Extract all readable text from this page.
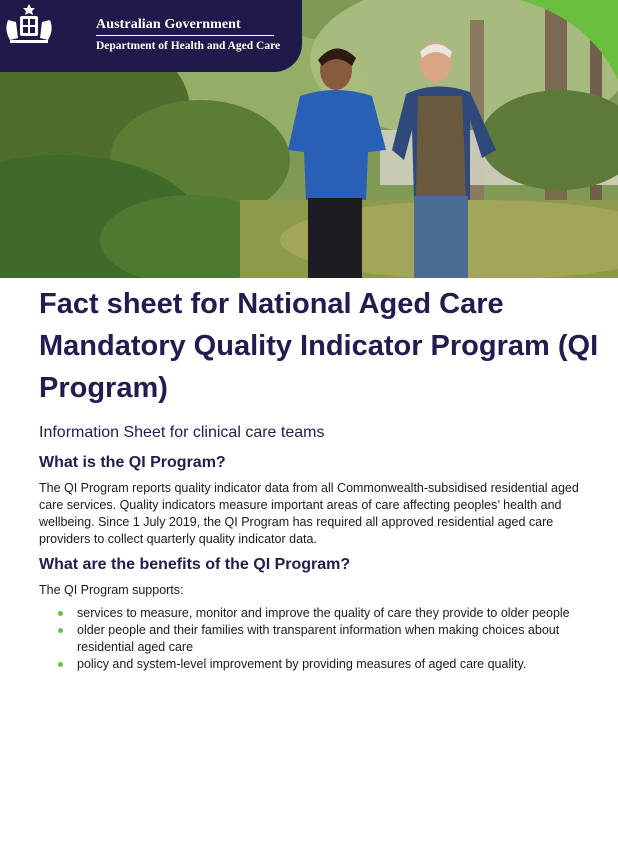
Australian Government
Department of Health and Aged Care
Fact sheet for National Aged Care Mandatory Quality Indicator Program (QI Program)

Information Sheet for clinical care teams

What is the QI Program?

The QI Program reports quality indicator data from all Commonwealth-subsidised residential aged care services. Quality indicators measure important areas of care affecting peoples’ health and wellbeing. Since 1 July 2019, the QI Program has required all approved residential aged care providers to collect quarterly quality indicator data.

What are the benefits of the QI Program?

The QI Program supports:

services to measure, monitor and improve the quality of care they provide to older people
older people and their families with transparent information when making choices about residential aged care
policy and system-level improvement by providing measures of aged care quality.
